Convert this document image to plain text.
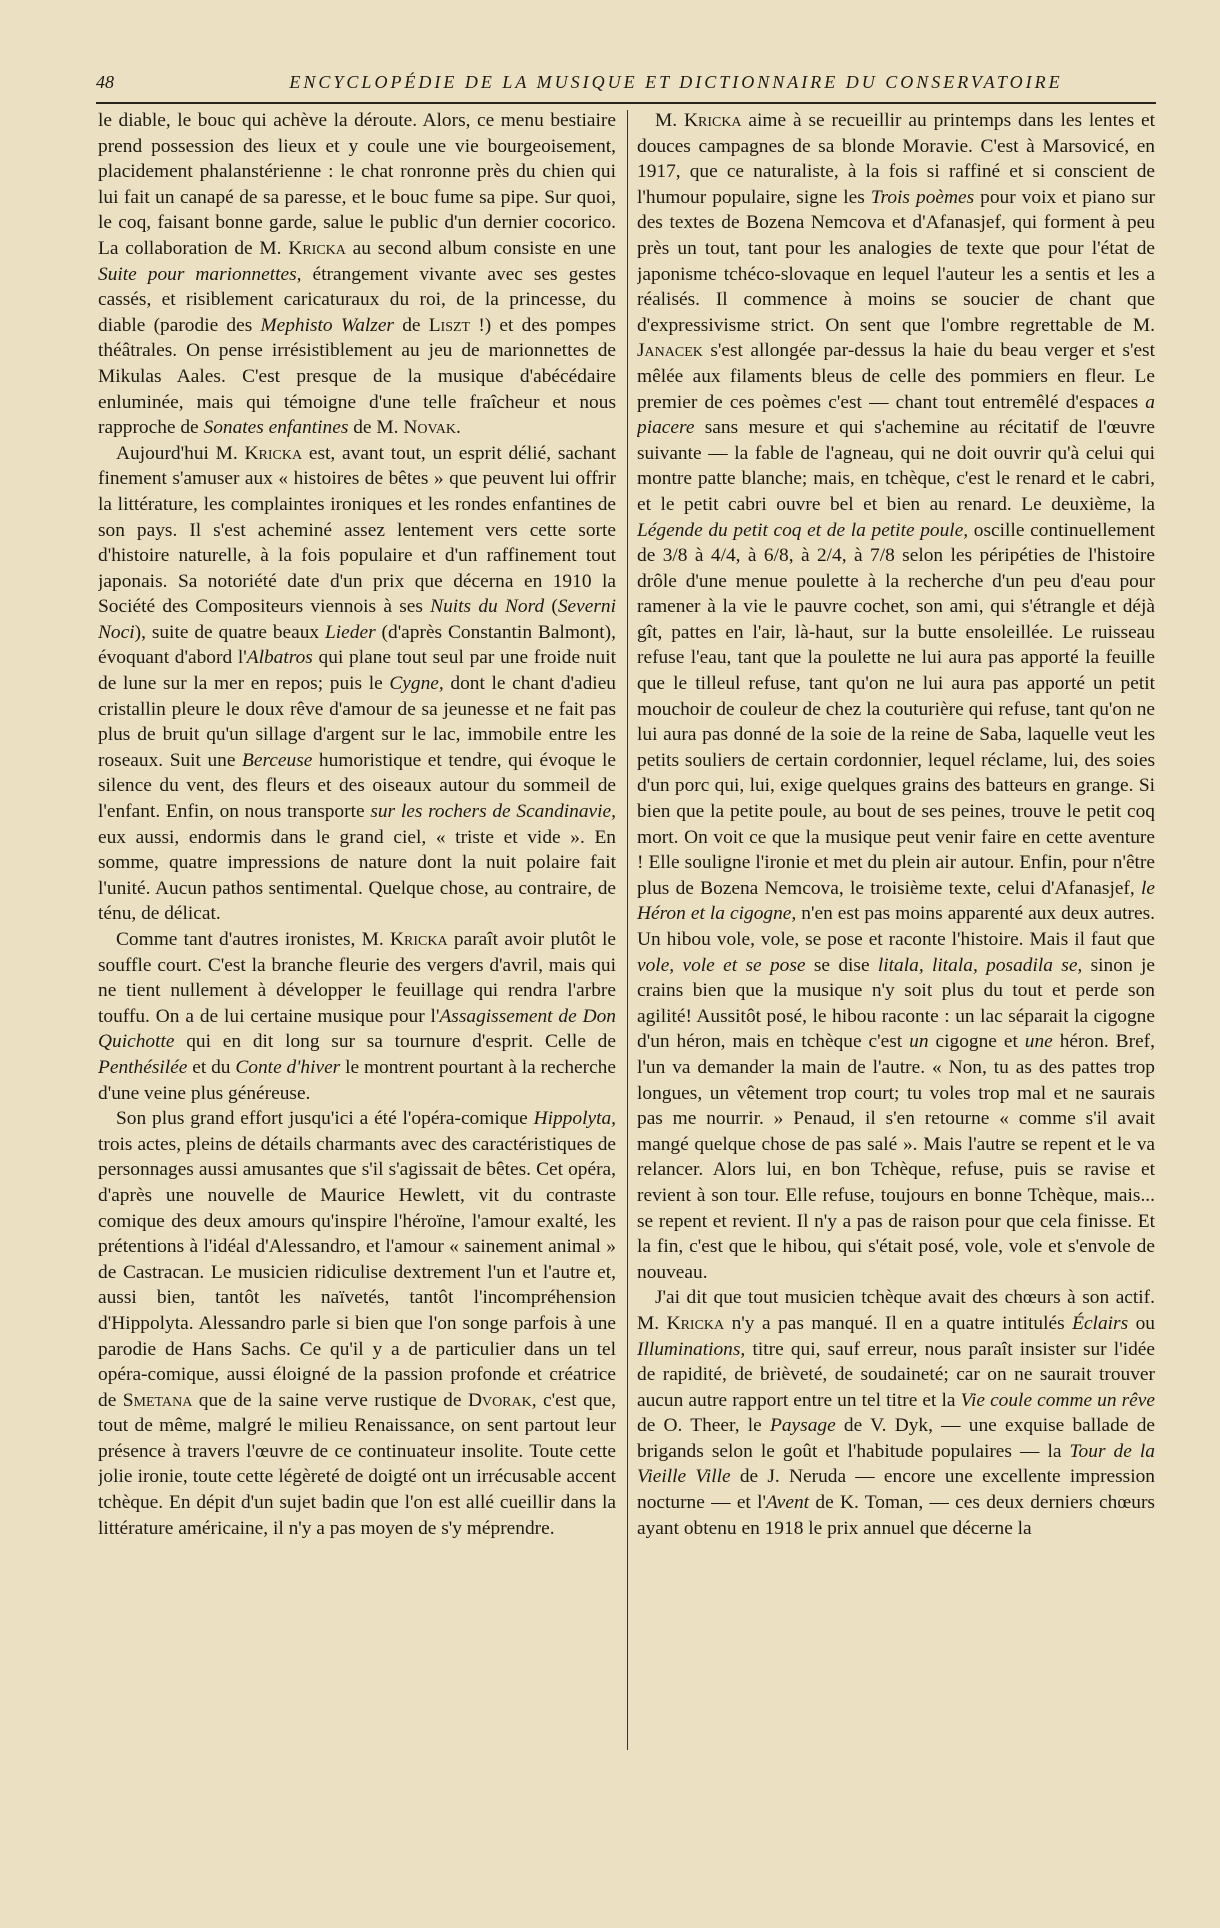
48	ENCYCLOPÉDIE DE LA MUSIQUE ET DICTIONNAIRE DU CONSERVATOIRE

le diable, le bouc qui achève la déroute. Alors, ce menu bestiaire prend possession des lieux et y coule une vie bourgeoisement, placidement phalanstérienne : le chat ronronne près du chien qui lui fait un canapé de sa paresse, et le bouc fume sa pipe. Sur quoi, le coq, faisant bonne garde, salue le public d'un dernier cocorico. La collaboration de M. Kricka au second album consiste en une Suite pour marionnettes, étrangement vivante avec ses gestes cassés, et risiblement caricaturaux du roi, de la princesse, du diable (parodie des Mephisto Walzer de Liszt !) et des pompes théâtrales. On pense irrésistiblement au jeu de marionnettes de Mikulas Aales. C'est presque de la musique d'abécédaire enluminée, mais qui témoigne d'une telle fraîcheur et nous rapproche de Sonates enfantines de M. Novak.

Aujourd'hui M. Kricka est, avant tout, un esprit délié, sachant finement s'amuser aux « histoires de bêtes » que peuvent lui offrir la littérature, les complaintes ironiques et les rondes enfantines de son pays. Il s'est acheminé assez lentement vers cette sorte d'histoire naturelle, à la fois populaire et d'un raffinement tout japonais. Sa notoriété date d'un prix que décerna en 1910 la Société des Compositeurs viennois à ses Nuits du Nord (Severni Noci), suite de quatre beaux Lieder (d'après Constantin Balmont), évoquant d'abord l'Albatros qui plane tout seul par une froide nuit de lune sur la mer en repos; puis le Cygne, dont le chant d'adieu cristallin pleure le doux rêve d'amour de sa jeunesse et ne fait pas plus de bruit qu'un sillage d'argent sur le lac, immobile entre les roseaux. Suit une Berceuse humoristique et tendre, qui évoque le silence du vent, des fleurs et des oiseaux autour du sommeil de l'enfant. Enfin, on nous transporte sur les rochers de Scandinavie, eux aussi, endormis dans le grand ciel, « triste et vide ». En somme, quatre impressions de nature dont la nuit polaire fait l'unité. Aucun pathos sentimental. Quelque chose, au contraire, de ténu, de délicat.

Comme tant d'autres ironistes, M. Kricka paraît avoir plutôt le souffle court. C'est la branche fleurie des vergers d'avril, mais qui ne tient nullement à développer le feuillage qui rendra l'arbre touffu. On a de lui certaine musique pour l'Assagissement de Don Quichotte qui en dit long sur sa tournure d'esprit. Celle de Penthésilée et du Conte d'hiver le montrent pourtant à la recherche d'une veine plus généreuse.

Son plus grand effort jusqu'ici a été l'opéra-comique Hippolyta, trois actes, pleins de détails charmants avec des caractéristiques de personnages aussi amusantes que s'il s'agissait de bêtes. Cet opéra, d'après une nouvelle de Maurice Hewlett, vit du contraste comique des deux amours qu'inspire l'héroïne, l'amour exalté, les prétentions à l'idéal d'Alessandro, et l'amour « sainement animal » de Castracan. Le musicien ridiculise dextrement l'un et l'autre et, aussi bien, tantôt les naïvetés, tantôt l'incompréhension d'Hippolyta. Alessandro parle si bien que l'on songe parfois à une parodie de Hans Sachs. Ce qu'il y a de particulier dans un tel opéra-comique, aussi éloigné de la passion profonde et créatrice de Smetana que de la saine verve rustique de Dvorak, c'est que, tout de même, malgré le milieu Renaissance, on sent partout leur présence à travers l'œuvre de ce continuateur insolite. Toute cette jolie ironie, toute cette légèreté de doigté ont un irrécusable accent tchèque. En dépit d'un sujet badin que l'on est allé cueillir dans la littérature américaine, il n'y a pas moyen de s'y méprendre.

M. Kricka aime à se recueillir au printemps dans les lentes et douces campagnes de sa blonde Moravie. C'est à Marsovicé, en 1917, que ce naturaliste, à la fois si raffiné et si conscient de l'humour populaire, signe les Trois poèmes pour voix et piano sur des textes de Bozena Nemcova et d'Afanasjef, qui forment à peu près un tout, tant pour les analogies de texte que pour l'état de japonisme tchéco-slovaque en lequel l'auteur les a sentis et les a réalisés. Il commence à moins se soucier de chant que d'expressivisme strict. On sent que l'ombre regrettable de M. Janacek s'est allongée par-dessus la haie du beau verger et s'est mêlée aux filaments bleus de celle des pommiers en fleur. Le premier de ces poèmes c'est — chant tout entremêlé d'espaces a piacere sans mesure et qui s'achemine au récitatif de l'œuvre suivante — la fable de l'agneau, qui ne doit ouvrir qu'à celui qui montre patte blanche; mais, en tchèque, c'est le renard et le cabri, et le petit cabri ouvre bel et bien au renard. Le deuxième, la Légende du petit coq et de la petite poule, oscille continuellement de 3/8 à 4/4, à 6/8, à 2/4, à 7/8 selon les péripéties de l'histoire drôle d'une menue poulette à la recherche d'un peu d'eau pour ramener à la vie le pauvre cochet, son ami, qui s'étrangle et déjà gît, pattes en l'air, là-haut, sur la butte ensoleillée. Le ruisseau refuse l'eau, tant que la poulette ne lui aura pas apporté la feuille que le tilleul refuse, tant qu'on ne lui aura pas apporté un petit mouchoir de couleur de chez la couturière qui refuse, tant qu'on ne lui aura pas donné de la soie de la reine de Saba, laquelle veut les petits souliers de certain cordonnier, lequel réclame, lui, des soies d'un porc qui, lui, exige quelques grains des batteurs en grange. Si bien que la petite poule, au bout de ses peines, trouve le petit coq mort. On voit ce que la musique peut venir faire en cette aventure ! Elle souligne l'ironie et met du plein air autour. Enfin, pour n'être plus de Bozena Nemcova, le troisième texte, celui d'Afanasjef, le Héron et la cigogne, n'en est pas moins apparenté aux deux autres. Un hibou vole, vole, se pose et raconte l'histoire. Mais il faut que vole, vole et se pose se dise litala, litala, posadila se, sinon je crains bien que la musique n'y soit plus du tout et perde son agilité! Aussitôt posé, le hibou raconte : un lac séparait la cigogne d'un héron, mais en tchèque c'est un cigogne et une héron. Bref, l'un va demander la main de l'autre. « Non, tu as des pattes trop longues, un vêtement trop court; tu voles trop mal et ne saurais pas me nourrir. » Penaud, il s'en retourne « comme s'il avait mangé quelque chose de pas salé ». Mais l'autre se repent et le va relancer. Alors lui, en bon Tchèque, refuse, puis se ravise et revient à son tour. Elle refuse, toujours en bonne Tchèque, mais... se repent et revient. Il n'y a pas de raison pour que cela finisse. Et la fin, c'est que le hibou, qui s'était posé, vole, vole et s'envole de nouveau.

J'ai dit que tout musicien tchèque avait des chœurs à son actif. M. Kricka n'y a pas manqué. Il en a quatre intitulés Éclairs ou Illuminations, titre qui, sauf erreur, nous paraît insister sur l'idée de rapidité, de brièveté, de soudaineté; car on ne saurait trouver aucun autre rapport entre un tel titre et la Vie coule comme un rêve de O. Theer, le Paysage de V. Dyk, — une exquise ballade de brigands selon le goût et l'habitude populaires — la Tour de la Vieille Ville de J. Neruda — encore une excellente impression nocturne — et l'Avent de K. Toman, — ces deux derniers chœurs ayant obtenu en 1918 le prix annuel que décerne la
